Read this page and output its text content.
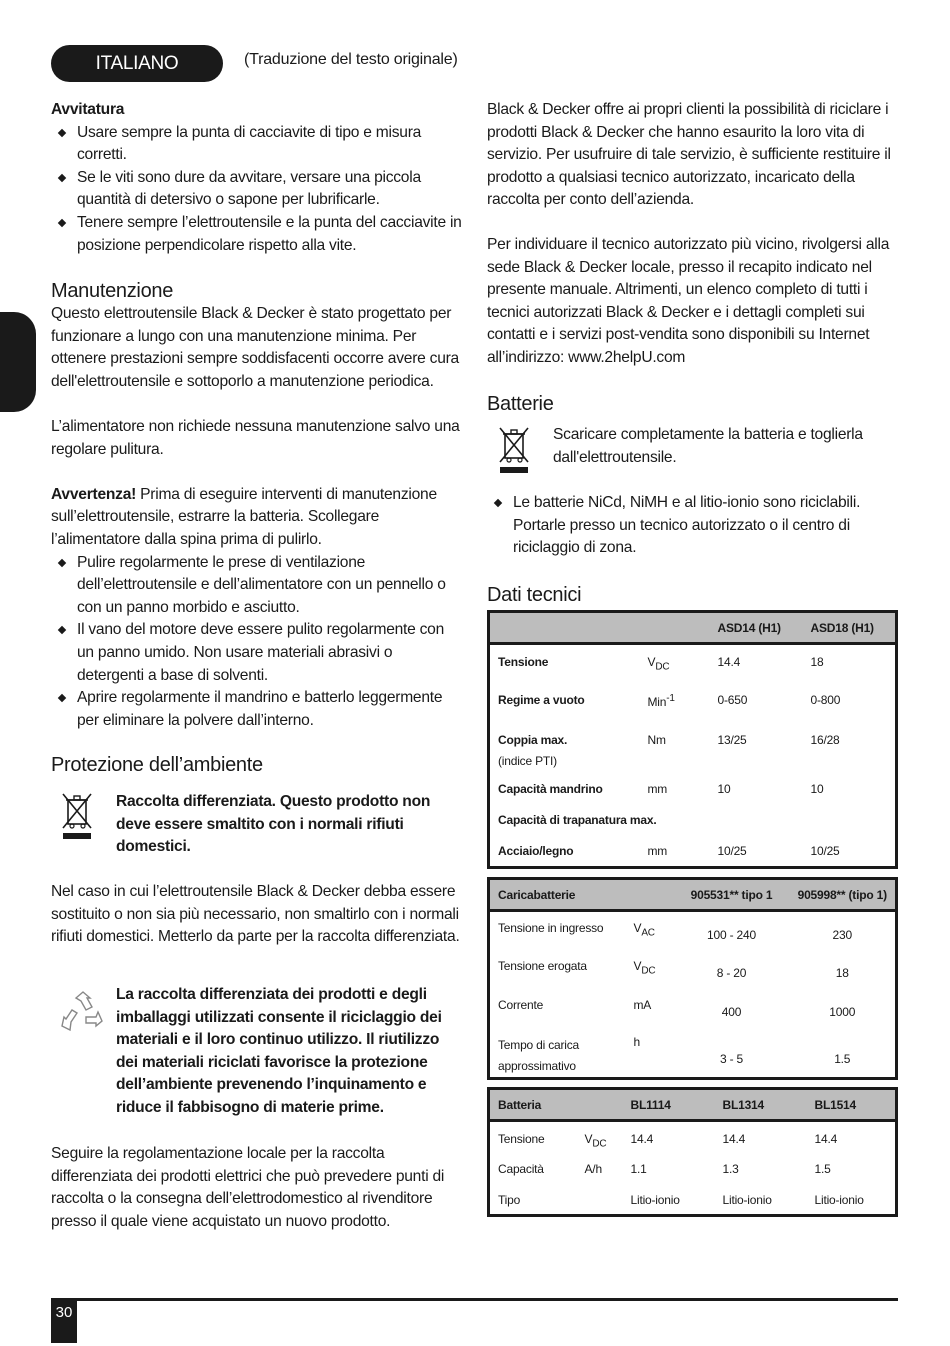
ITALIANO	(Traduzione del testo originale)

Avvitatura

Usare sempre la punta di cacciavite di tipo e misura corretti.
Se le viti sono dure da avvitare, versare una piccola quantità di detersivo o sapone per lubrificarle.
Tenere sempre l’elettroutensile e la punta del cacciavite in posizione perpendicolare rispetto alla vite.
Manutenzione

Questo elettroutensile Black & Decker è stato progettato per funzionare a lungo con una manutenzione minima. Per ottenere prestazioni sempre soddisfacenti occorre avere cura dell'elettroutensile e sottoporlo a manutenzione periodica.

L’alimentatore non richiede nessuna manutenzione salvo una regolare pulitura.

Avvertenza! Prima di eseguire interventi di manutenzione sull’elettroutensile, estrarre la batteria. Scollegare l’alimentatore dalla spina prima di pulirlo.

Pulire regolarmente le prese di ventilazione dell’elettroutensile e dell’alimentatore con un pennello o con un panno morbido e asciutto.
Il vano del motore deve essere pulito regolarmente con un panno umido. Non usare materiali abrasivi o detergenti a base di solventi.
Aprire regolarmente il mandrino e batterlo leggermente per eliminare la polvere dall’interno.
Protezione dell’ambiente
Raccolta differenziata. Questo prodotto non deve essere smaltito con i normali rifiuti domestici.
Nel caso in cui l’elettroutensile Black & Decker debba essere sostituito o non sia più necessario, non smaltirlo con i normali rifiuti domestici. Metterlo da parte per la raccolta differenziata.
La raccolta differenziata dei prodotti e degli imballaggi utilizzati consente il riciclaggio dei materiali e il loro continuo utilizzo. Il riutilizzo dei materiali riciclati favorisce la protezione dell’ambiente prevenendo l’inquinamento e riduce il fabbisogno di materie prime.
Seguire la regolamentazione locale per la raccolta differenziata dei prodotti elettrici che può prevedere punti di raccolta o la consegna dell’elettrodomestico al rivenditore presso il quale viene acquistato un nuovo prodotto.
Black & Decker offre ai propri clienti la possibilità di riciclare i prodotti Black & Decker che hanno esaurito la loro vita di servizio. Per usufruire di tale servizio, è sufficiente restituire il prodotto a qualsiasi tecnico autorizzato, incaricato della raccolta per conto dell’azienda.
Per individuare il tecnico autorizzato più vicino, rivolgersi alla sede Black & Decker locale, presso il recapito indicato nel presente manuale. Altrimenti, un elenco completo di tutti i tecnici autorizzati Black & Decker e i dettagli completi sui contatti e i servizi post-vendita sono disponibili su Internet all’indirizzo: www.2helpU.com
Batterie
Scaricare completamente la batteria e toglierla dall'elettroutensile.
Le batterie NiCd, NiMH e al litio-ionio sono riciclabili. Portarle presso un tecnico autorizzato o il centro di riciclaggio di zona.
Dati tecnici
		ASD14 (H1)	ASD18 (H1)
Tensione	$V_{DC}$	14.4	18
Regime a vuoto	Min$^{-1}$	0-650	0-800

Coppia max.
(indice PTI)	Nm	13/25	16/28
Capacità mandrino	mm	10	10
Capacità di trapanatura max.			
Acciaio/legno	mm	10/25	10/25
Caricabatterie		905531** tipo 1	905998** (tipo 1)
Tensione in ingresso	$V_{AC}$	100 - 240	230
Tensione erogata	$V_{DC}$	8 - 20	18
Corrente	mA	400	1000
Tempo di carica approssimativo	h	3 - 5	1.5
Batteria		BL1114	BL1314	BL1514
Tensione	$V_{DC}$	14.4	14.4	14.4
Capacità	A/h	1.1	1.3	1.5
Tipo		Litio-ionio	Litio-ionio	Litio-ionio
30
